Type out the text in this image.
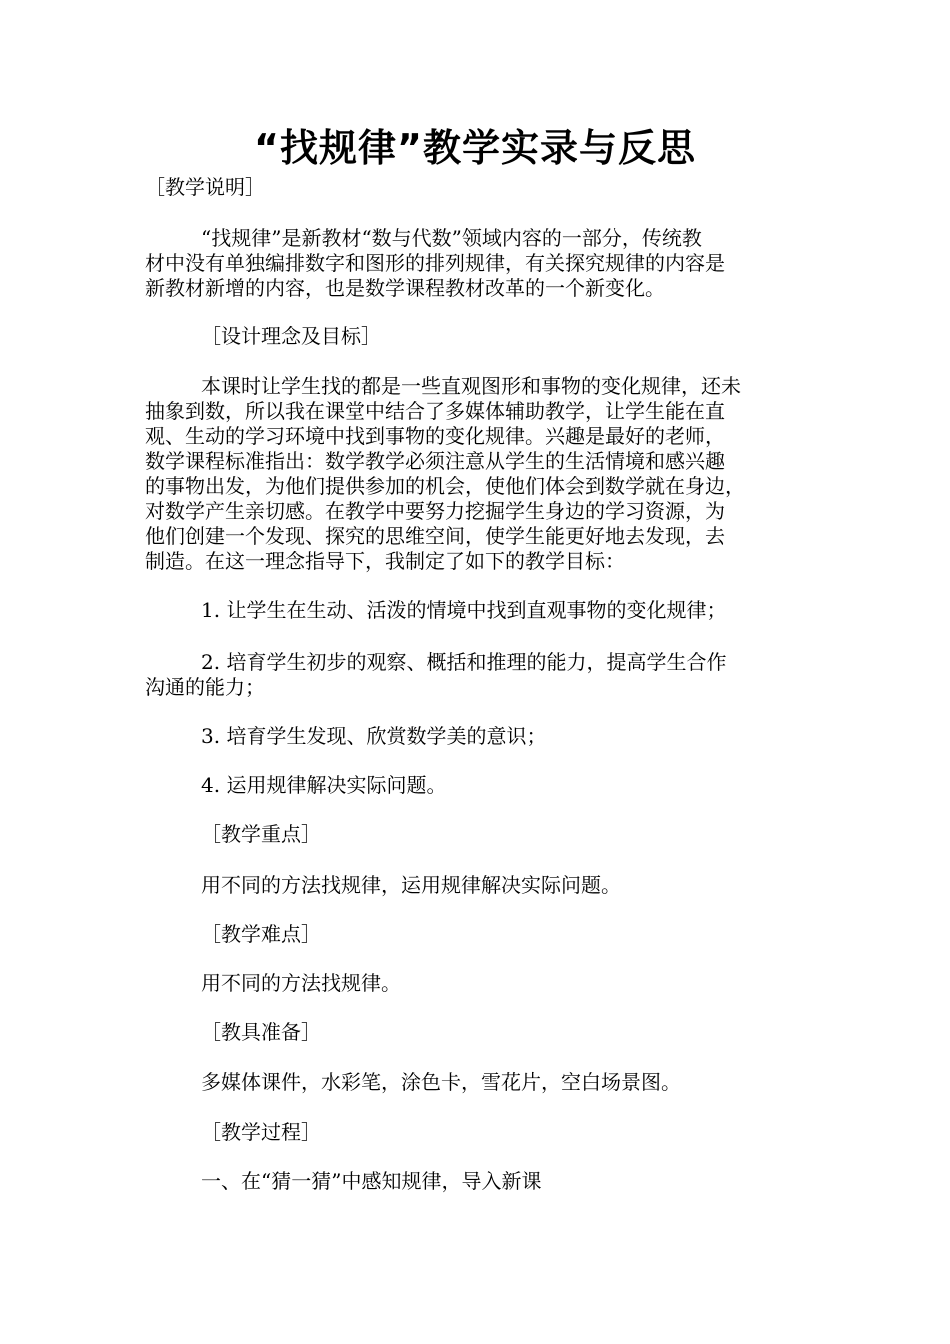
“找规律”教学实录与反思
［教学说明］
“找规律”是新教材“数与代数”领域内容的一部分，传统教
材中没有单独编排数字和图形的排列规律，有关探究规律的内容是
新教材新增的内容，也是数学课程教材改革的一个新变化。
［设计理念及目标］
本课时让学生找的都是一些直观图形和事物的变化规律，还未
抽象到数，所以我在课堂中结合了多媒体辅助教学，让学生能在直
观、生动的学习环境中找到事物的变化规律。兴趣是最好的老师，
数学课程标准指出：数学教学必须注意从学生的生活情境和感兴趣
的事物出发，为他们提供参加的机会，使他们体会到数学就在身边，
对数学产生亲切感。在教学中要努力挖掘学生身边的学习资源，为
他们创建一个发现、探究的思维空间，使学生能更好地去发现，去
制造。在这一理念指导下，我制定了如下的教学目标：
1. 让学生在生动、活泼的情境中找到直观事物的变化规律；
2. 培育学生初步的观察、概括和推理的能力，提高学生合作
沟通的能力；
3. 培育学生发现、欣赏数学美的意识；
4. 运用规律解决实际问题。
［教学重点］
用不同的方法找规律，运用规律解决实际问题。
［教学难点］
用不同的方法找规律。
［教具准备］
多媒体课件，水彩笔，涂色卡，雪花片，空白场景图。
［教学过程］
一、在“猜一猜”中感知规律，导入新课
